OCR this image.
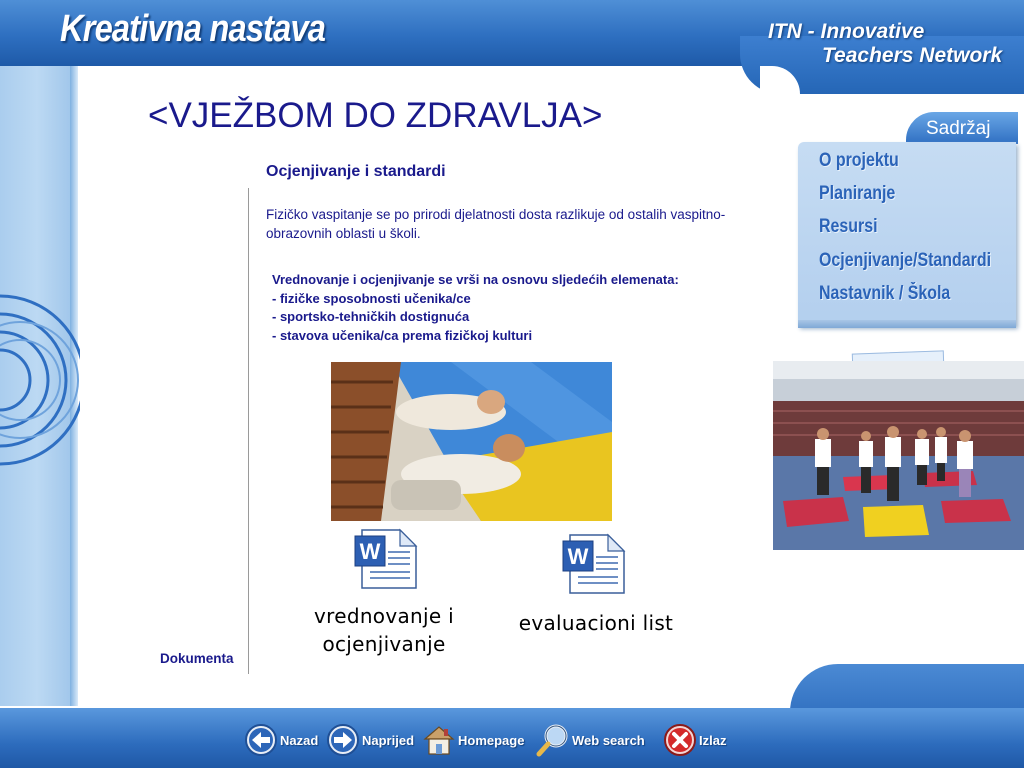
Kreativna nastava	ITN - Innovative
Teachers Network
<VJEŽBOM DO ZDRAVLJA>
Ocjenjivanje i standardi
Fizičko vaspitanje se po prirodi djelatnosti dosta razlikuje od ostalih vaspitno-obrazovnih oblasti u školi.
Vrednovanje i ocjenjivanje se vrši na osnovu sljedećih elemenata:
- fizičke sposobnosti učenika/ce
- sportsko-tehničkih dostignuća
- stavova učenika/ca prema fizičkoj kulturi
Dokumenta
W
vrednovanje i ocjenjivanje
W
evaluacioni list
Sadržaj
O projektu
Planiranje
Resursi
Ocjenjivanje/Standardi
Nastavnik / Škola
Nazad	Naprijed	Homepage	Web search	Izlaz
